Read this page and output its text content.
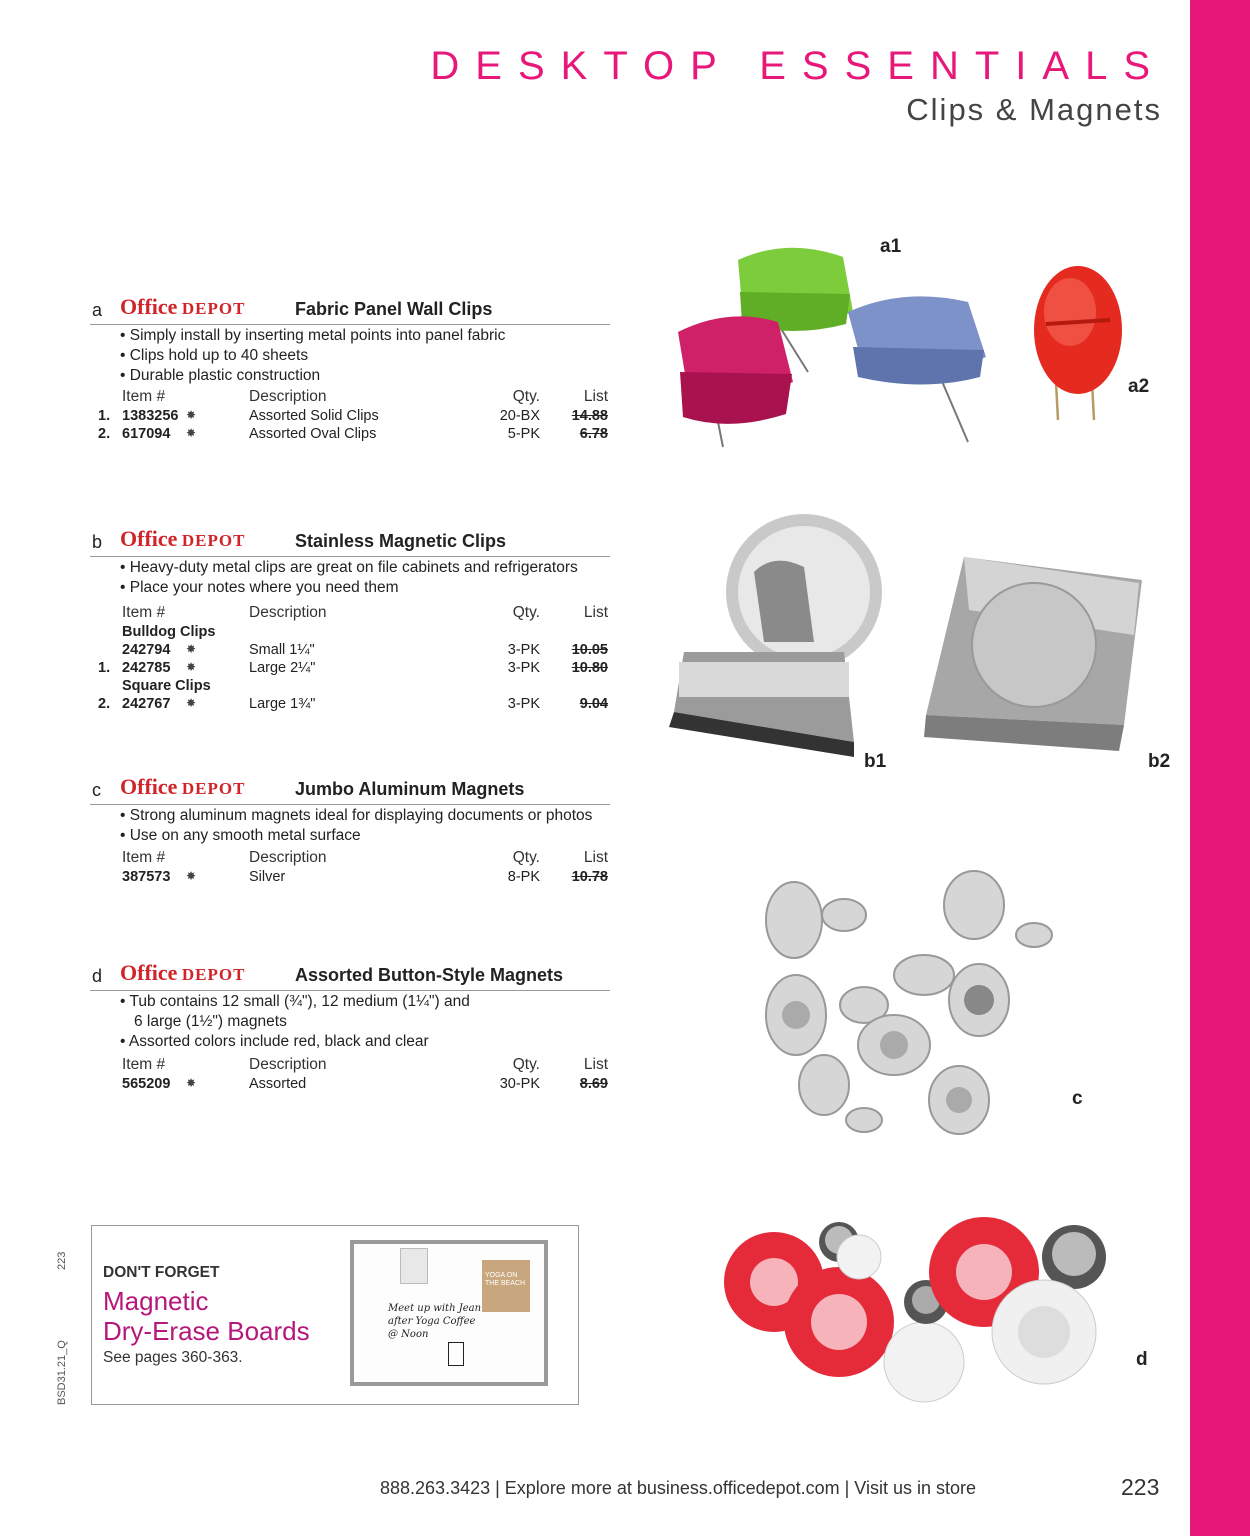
DESKTOP ESSENTIALS
Clips & Magnets
a Office DEPOT	Fabric Panel Wall Clips
• Simply install by inserting metal points into panel fabric
• Clips hold up to 40 sheets
• Durable plastic construction
Item #	Description	Qty.	List
1. 1383256 ✸	Assorted Solid Clips	20-BX 14.88
2. 617094 ✸	Assorted Oval Clips	5-PK	6.78
b Office DEPOT	Stainless Magnetic Clips
• Heavy-duty metal clips are great on file cabinets and refrigerators
• Place your notes where you need them
Item #	Description	Qty.	List
Bulldog Clips
242794 ✸	Small 1¼"	3-PK 10.05
1. 242785 ✸	Large 2¼"	3-PK 10.80
Square Clips
2. 242767 ✸	Large 1¾"	3-PK	9.04
c Office DEPOT	Jumbo Aluminum Magnets
• Strong aluminum magnets ideal for displaying documents or photos
• Use on any smooth metal surface
Item #	Description	Qty.	List
387573 ✸	Silver	8-PK 10.78
d Office DEPOT	Assorted Button-Style Magnets
• Tub contains 12 small (¾"), 12 medium (1¼") and
6 large (1½") magnets
• Assorted colors include red, black and clear
Item #	Description	Qty.	List
565209 ✸	Assorted	30-PK	8.69
a1
a2
b1	b2
c
d
DON'T FORGET
Magnetic
Dry-Erase Boards
See pages 360-363.
YOGA ON THE BEACH
Meet up with Jean after Yoga Coffee @ Noon
223
BSD31.21_Q
888.263.3423 | Explore more at business.officedepot.com | Visit us in store	223
